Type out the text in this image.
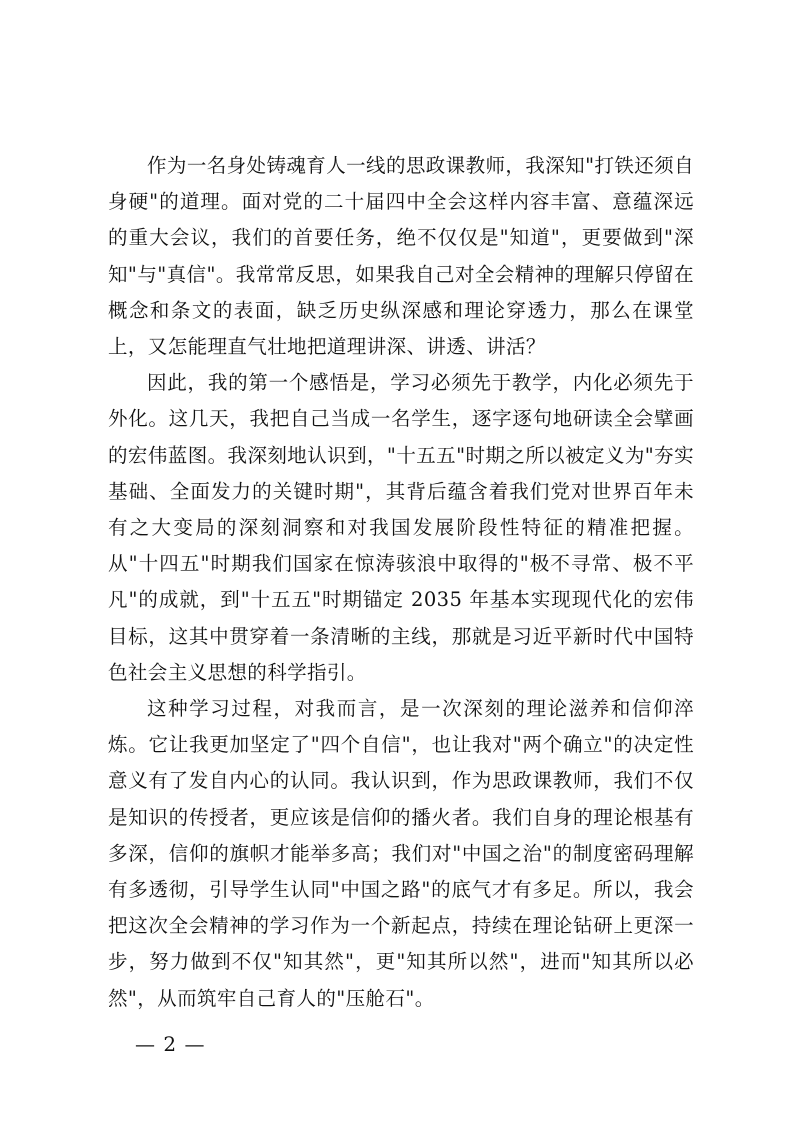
作为一名身处铸魂育人一线的思政课教师，我深知"打铁还须自身硬"的道理。面对党的二十届四中全会这样内容丰富、意蕴深远的重大会议，我们的首要任务，绝不仅仅是"知道"，更要做到"深知"与"真信"。我常常反思，如果我自己对全会精神的理解只停留在概念和条文的表面，缺乏历史纵深感和理论穿透力，那么在课堂上，又怎能理直气壮地把道理讲深、讲透、讲活？

因此，我的第一个感悟是，学习必须先于教学，内化必须先于外化。这几天，我把自己当成一名学生，逐字逐句地研读全会擘画的宏伟蓝图。我深刻地认识到，"十五五"时期之所以被定义为"夯实基础、全面发力的关键时期"，其背后蕴含着我们党对世界百年未有之大变局的深刻洞察和对我国发展阶段性特征的精准把握。从"十四五"时期我们国家在惊涛骇浪中取得的"极不寻常、极不平凡"的成就，到"十五五"时期锚定 2035 年基本实现现代化的宏伟目标，这其中贯穿着一条清晰的主线，那就是习近平新时代中国特色社会主义思想的科学指引。

这种学习过程，对我而言，是一次深刻的理论滋养和信仰淬炼。它让我更加坚定了"四个自信"，也让我对"两个确立"的决定性意义有了发自内心的认同。我认识到，作为思政课教师，我们不仅是知识的传授者，更应该是信仰的播火者。我们自身的理论根基有多深，信仰的旗帜才能举多高；我们对"中国之治"的制度密码理解有多透彻，引导学生认同"中国之路"的底气才有多足。所以，我会把这次全会精神的学习作为一个新起点，持续在理论钻研上更深一步，努力做到不仅"知其然"，更"知其所以然"，进而"知其所以必然"，从而筑牢自己育人的"压舱石"。

— 2 —
